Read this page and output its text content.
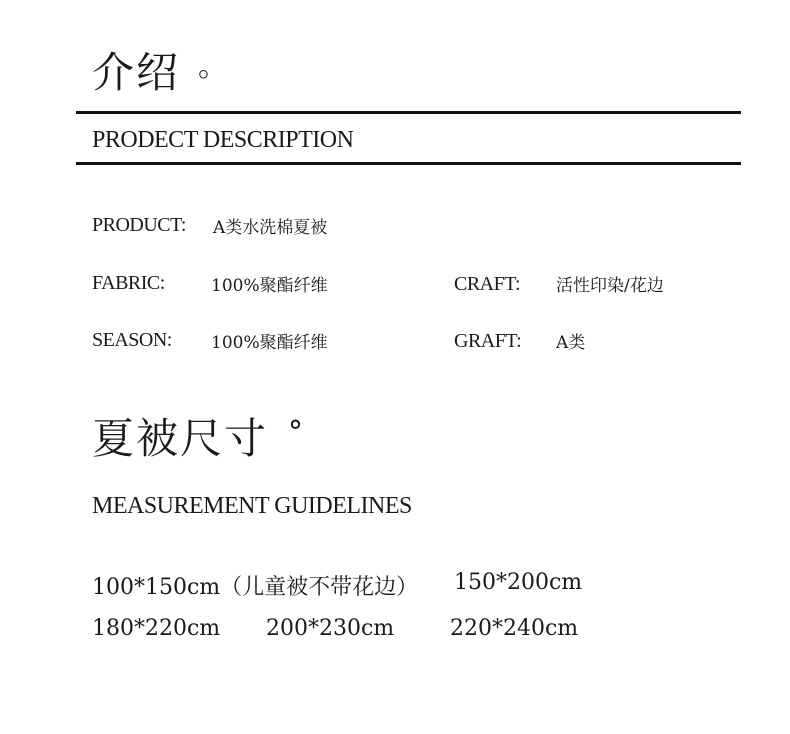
介绍 。
PRODECT DESCRIPTION
PRODUCT: A类水洗棉夏被
FABRIC:	100%聚酯纤维	CRAFT: 活性印染/花边
SEASON: 100%聚酯纤维	GRAFT: A类
夏被尺寸 °
MEASUREMENT GUIDELINES
100*150cm（儿童被不带花边） 150*200cm
180*220cm 200*230cm	220*240cm
